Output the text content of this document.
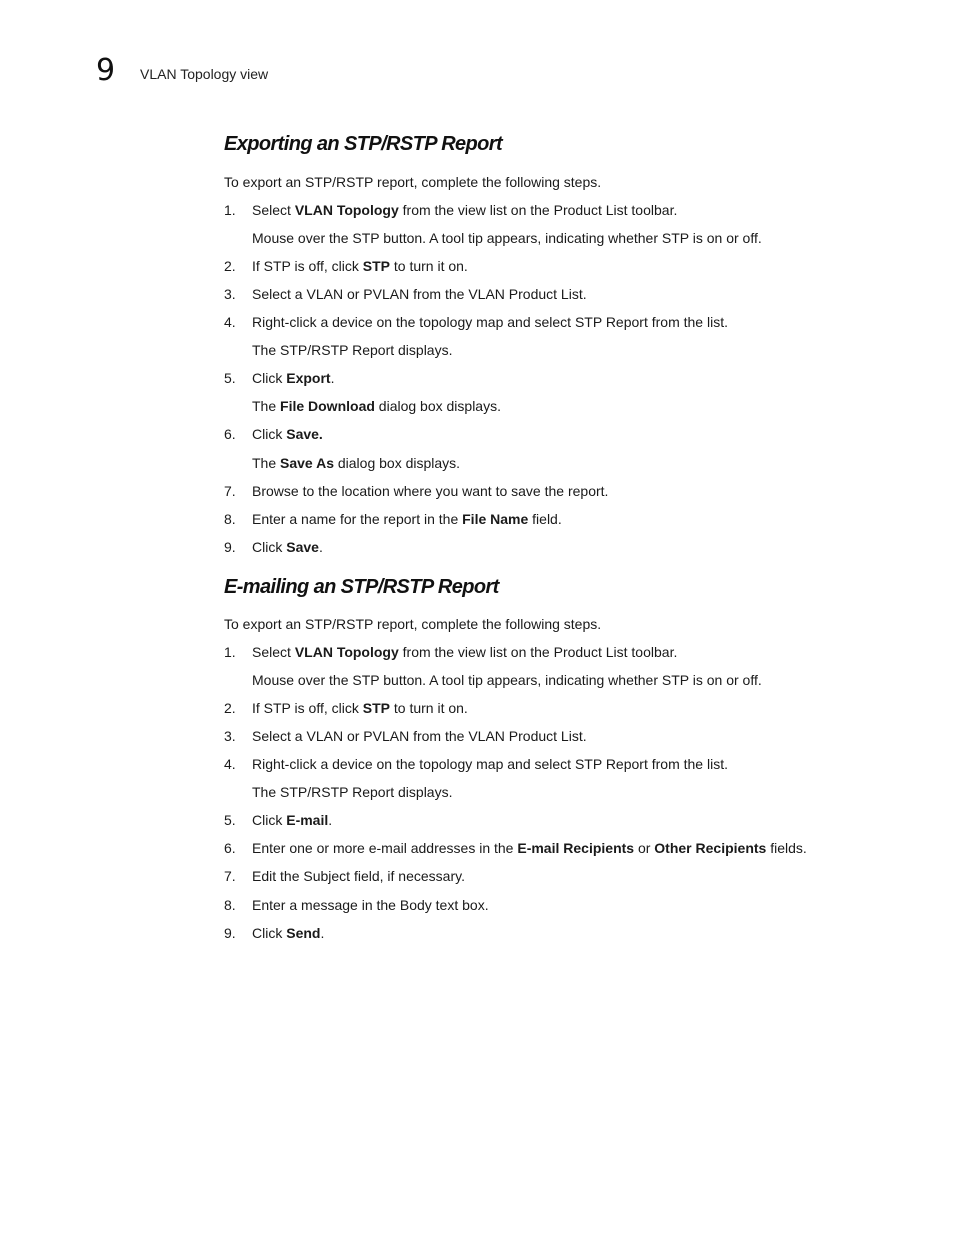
9 VLAN Topology view
Exporting an STP/RSTP Report
To export an STP/RSTP report, complete the following steps.
1.	Select VLAN Topology from the view list on the Product List toolbar.
Mouse over the STP button. A tool tip appears, indicating whether STP is on or off.
2.	If STP is off, click STP to turn it on.
3.	Select a VLAN or PVLAN from the VLAN Product List.
4.	Right-click a device on the topology map and select STP Report from the list.
The STP/RSTP Report displays.
5.	Click Export.
The File Download dialog box displays.
6.	Click Save.
The Save As dialog box displays.
7.	Browse to the location where you want to save the report.
8.	Enter a name for the report in the File Name field.
9.	Click Save.
E-mailing an STP/RSTP Report
To export an STP/RSTP report, complete the following steps.
1.	Select VLAN Topology from the view list on the Product List toolbar.
Mouse over the STP button. A tool tip appears, indicating whether STP is on or off.
2.	If STP is off, click STP to turn it on.
3.	Select a VLAN or PVLAN from the VLAN Product List.
4.	Right-click a device on the topology map and select STP Report from the list.
The STP/RSTP Report displays.
5.	Click E-mail.
6.	Enter one or more e-mail addresses in the E-mail Recipients or Other Recipients fields.
7.	Edit the Subject field, if necessary.
8.	Enter a message in the Body text box.
9.	Click Send.
